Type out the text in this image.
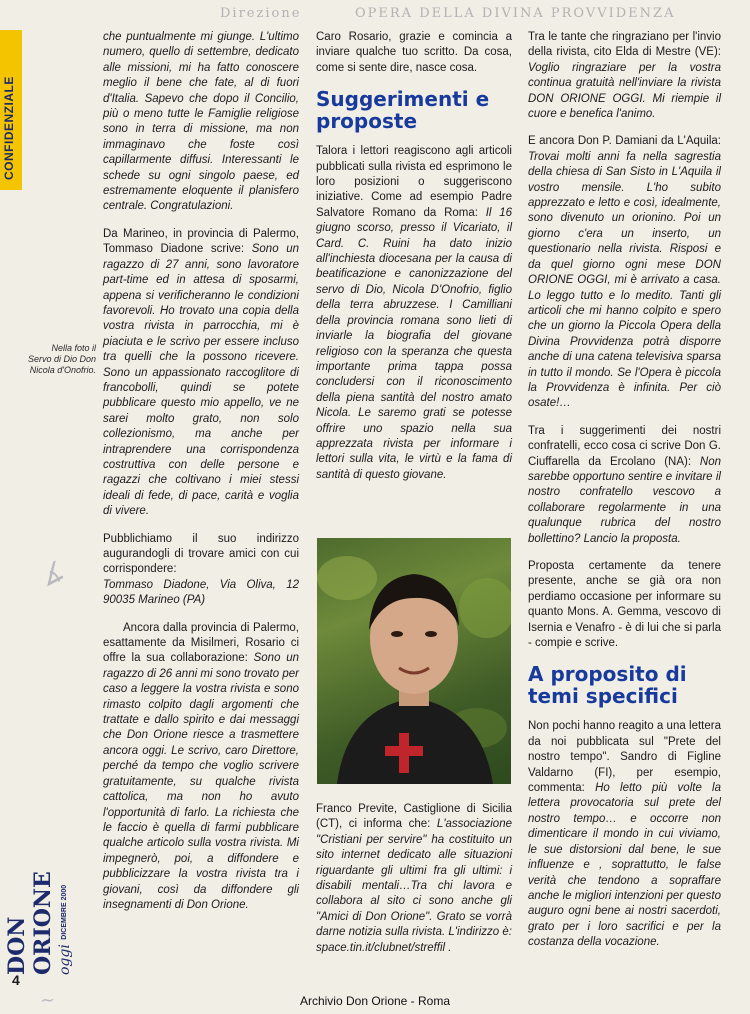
Direzione	OPERA DELLA DIVINA PROVVIDENZA
∡
~
CONFIDENZIALE
Nella foto il Servo di Dio Don Nicola d'Onofrio.

che puntualmente mi giunge. L'ultimo numero, quello di settembre, dedicato alle missioni, mi ha fatto conoscere meglio il bene che fate, al di fuori d'Italia. Sapevo che dopo il Concilio, più o meno tutte le Famiglie religiose sono in terra di missione, ma non immaginavo che foste così capillarmente diffusi. Interessanti le schede su ogni singolo paese, ed estremamente eloquente il planisfero centrale. Congratulazioni.

Da Marineo, in provincia di Palermo, Tommaso Diadone scrive: Sono un ragazzo di 27 anni, sono lavoratore part-time ed in attesa di sposarmi, appena si verificheranno le condizioni favorevoli. Ho trovato una copia della vostra rivista in parrocchia, mi è piaciuta e le scrivo per essere incluso tra quelli che la possono ricevere. Sono un appassionato raccoglitore di francobolli, quindi se potete pubblicare questo mio appello, ve ne sarei molto grato, non solo collezionismo, ma anche per intraprendere una corrispondenza costruttiva con delle persone e ragazzi che coltivano i miei stessi ideali di fede, di pace, carità e voglia di vivere.

Pubblichiamo il suo indirizzo augurandogli di trovare amici con cui corrispondere:
Tommaso Diadone, Via Oliva, 12 90035 Marineo (PA)

Ancora dalla provincia di Palermo, esattamente da Misilmeri, Rosario ci offre la sua collaborazione: Sono un ragazzo di 26 anni mi sono trovato per caso a leggere la vostra rivista e sono rimasto colpito dagli argomenti che trattate e dallo spirito e dai messaggi che Don Orione riesce a trasmettere ancora oggi. Le scrivo, caro Direttore, perché da tempo che voglio scrivere gratuitamente, su qualche rivista cattolica, ma non ho avuto l'opportunità di farlo. La richiesta che le faccio è quella di farmi pubblicare qualche articolo sulla vostra rivista. Mi impegnerò, poi, a diffondere e pubblicizzare la vostra rivista tra i giovani, così da diffondere gli insegnamenti di Don Orione.

Caro Rosario, grazie e comincia a inviare qualche tuo scritto. Da cosa, come si sente dire, nasce cosa.

Suggerimenti e proposte

Talora i lettori reagiscono agli articoli pubblicati sulla rivista ed esprimono le loro posizioni o suggeriscono iniziative. Come ad esempio Padre Salvatore Romano da Roma: Il 16 giugno scorso, presso il Vicariato, il Card. C. Ruini ha dato inizio all'inchiesta diocesana per la causa di beatificazione e canonizzazione del servo di Dio, Nicola D'Onofrio, figlio della terra abruzzese. I Camilliani della provincia romana sono lieti di inviarle la biografia del giovane religioso con la speranza che questa importante prima tappa possa concludersi con il riconoscimento della piena santità del nostro amato Nicola. Le saremo grati se potesse offrire uno spazio nella sua apprezzata rivista per informare i lettori sulla vita, le virtù e la fama di santità di questo giovane.

Franco Previte, Castiglione di Sicilia (CT), ci informa che: L'associazione "Cristiani per servire" ha costituito un sito internet dedicato alle situazioni riguardante gli ultimi fra gli ultimi: i disabili mentali…Tra chi lavora e collabora al sito ci sono anche gli "Amici di Don Orione". Grato se vorrà darne notizia sulla rivista. L'indirizzo è: space.tin.it/clubnet/streffil .

Tra le tante che ringraziano per l'invio della rivista, cito Elda di Mestre (VE): Voglio ringraziare per la vostra continua gratuità nell'inviare la rivista DON ORIONE OGGI. Mi riempie il cuore e benefica l'animo.

E ancora Don P. Damiani da L'Aquila: Trovai molti anni fa nella sagrestia della chiesa di San Sisto in L'Aquila il vostro mensile. L'ho subito apprezzato e letto e così, idealmente, sono divenuto un orionino. Poi un giorno c'era un inserto, un questionario nella rivista. Risposi e da quel giorno ogni mese DON ORIONE OGGI, mi è arrivato a casa. Lo leggo tutto e lo medito. Tanti gli articoli che mi hanno colpito e spero che un giorno la Piccola Opera della Divina Provvidenza potrà disporre anche di una catena televisiva sparsa in tutto il mondo. Se l'Opera è piccola la Provvidenza è infinita. Per ciò osate!…

Tra i suggerimenti dei nostri confratelli, ecco cosa ci scrive Don G. Ciuffarella da Ercolano (NA): Non sarebbe opportuno sentire e invitare il nostro confratello vescovo a collaborare regolarmente in una qualunque rubrica del nostro bollettino? Lancio la proposta.

Proposta certamente da tenere presente, anche se già ora non perdiamo occasione per informare su quanto Mons. A. Gemma, vescovo di Isernia e Venafro - è di lui che si parla - compie e scrive.

A proposito di temi specifici

Non pochi hanno reagito a una lettera da noi pubblicata sul "Prete del nostro tempo". Sandro di Figline Valdarno (FI), per esempio, commenta: Ho letto più volte la lettera provocatoria sul prete del nostro tempo… e occorre non dimenticare il mondo in cui viviamo, le sue distorsioni dal bene, le sue influenze e , soprattutto, le false verità che tendono a sopraffare anche le migliori intenzioni per questo auguro ogni bene ai nostri sacerdoti, grato per i loro sacrifici e per la costanza della vocazione.

DON ORIONE oggi DICEMBRE 2000
4
Archivio Don Orione - Roma
